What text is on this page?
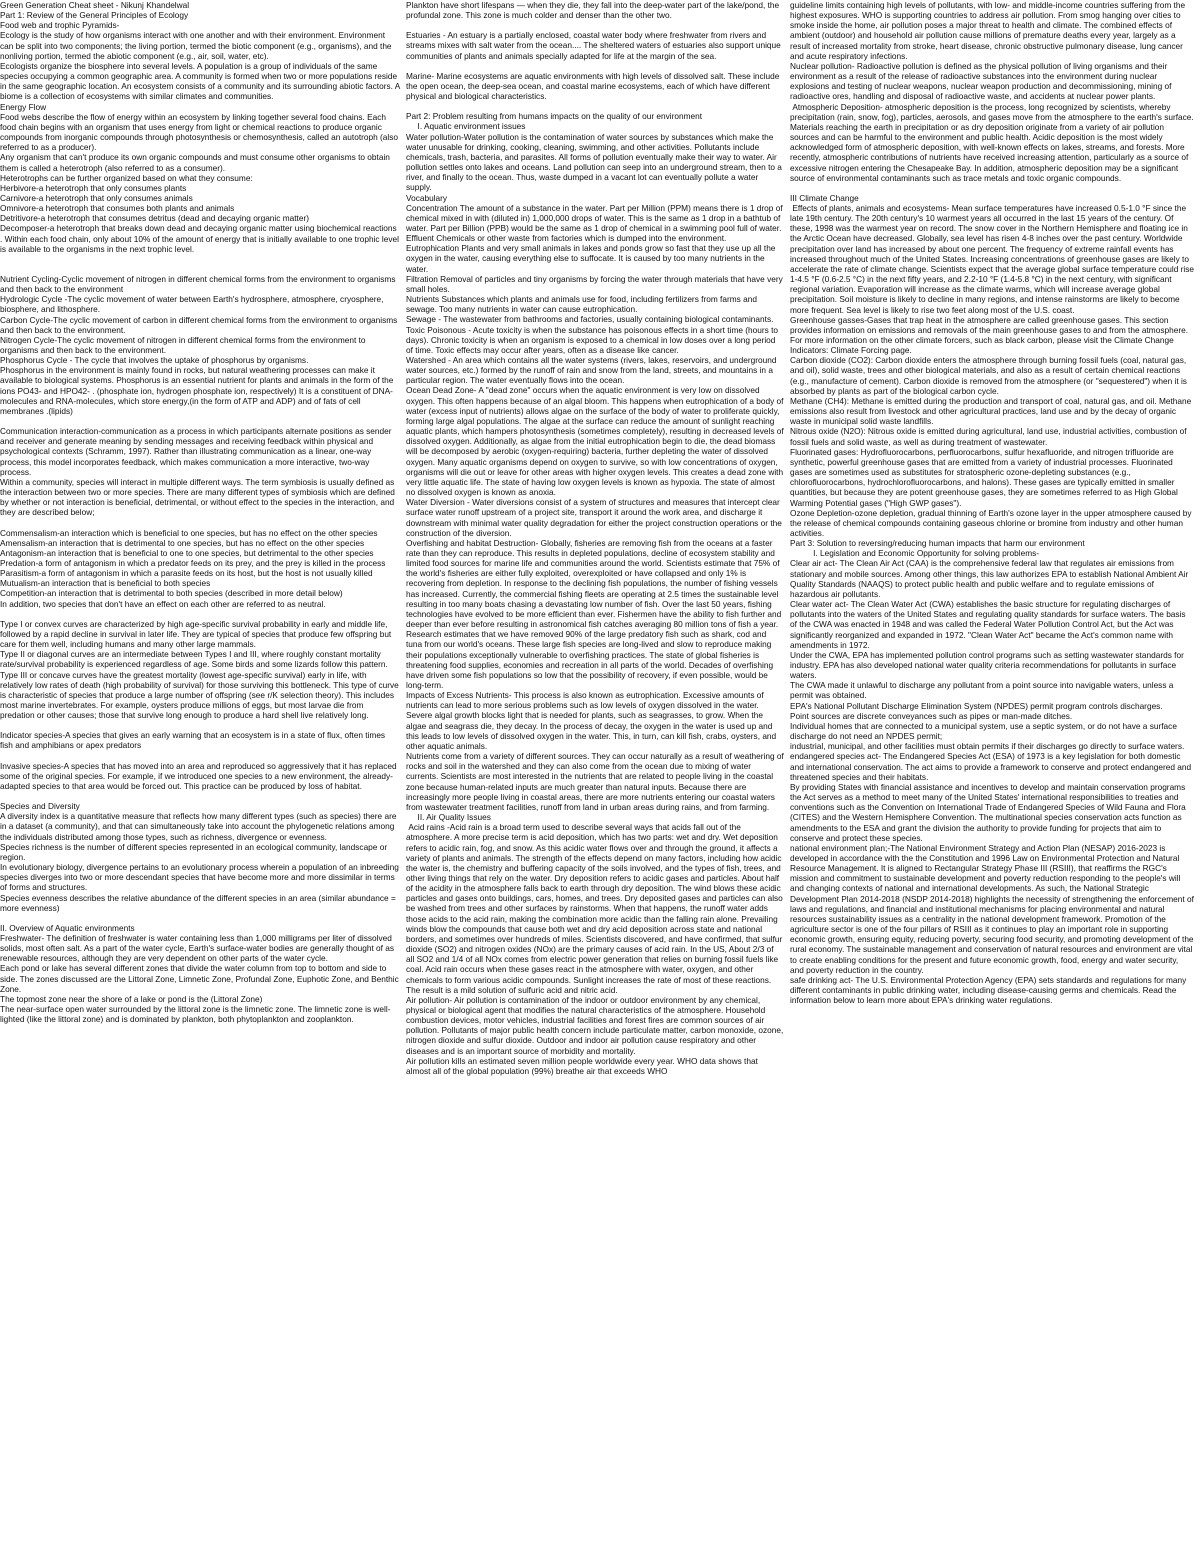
Green Generation Cheat sheet - Nikunj Khandelwal
Part 1: Review of the General Principles of Ecology
Food web and trophic Pyramids-
Ecology is the study of how organisms interact with one another and with their environment. Environment can be split into two components; the living portion, termed the biotic component (e.g., organisms), and the nonliving portion, termed the abiotic component (e.g., air, soil, water, etc).
Ecologists organize the biosphere into several levels. A population is a group of individuals of the same species occupying a common geographic area. A community is formed when two or more populations reside in the same geographic location. An ecosystem consists of a community and its surrounding abiotic factors. A biome is a collection of ecosystems with similar climates and communities.
Energy Flow
Food webs describe the flow of energy within an ecosystem by linking together several food chains. Each food chain begins with an organism that uses energy from light or chemical reactions to produce organic compounds from inorganic compounds through photosynthesis or chemosynthesis, called an autotroph (also referred to as a producer).
Any organism that can't produce its own organic compounds and must consume other organisms to obtain them is called a heterotroph (also referred to as a consumer).
Heterotrophs can be further organized based on what they consume:
Herbivore-a heterotroph that only consumes plants
Carnivore-a heterotroph that only consumes animals
Omnivore-a heterotroph that consumes both plants and animals
Detritivore-a heterotroph that consumes detritus (dead and decaying organic matter)
Decomposer-a heterotroph that breaks down dead and decaying organic matter using biochemical reactions
. Within each food chain, only about 10% of the amount of energy that is initially available to one trophic level is available to the organisms in the next trophic level.
Nutrient Cycling-Cyclic movement of nitrogen in different chemical forms from the environment to organisms and then back to the environment
Hydrologic Cycle -The cyclic movement of water between Earth's hydrosphere, atmosphere, cryosphere, biosphere, and lithosphere.
Carbon Cycle-The cyclic movement of carbon in different chemical forms from the environment to organisms and then back to the environment.
Nitrogen Cycle-The cyclic movement of nitrogen in different chemical forms from the environment to organisms and then back to the environment.
Phosphorus Cycle - The cycle that involves the uptake of phosphorus by organisms.
Phosphorus in the environment is mainly found in rocks, but natural weathering processes can make it available to biological systems. Phosphorus is an essential nutrient for plants and animals in the form of the ions PO43- and HPO42- . (phosphate ion, hydrogen phosphate ion, respectively) It is a constituent of DNA-molecules and RNA-molecules, which store energy,(in the form of ATP and ADP) and of fats of cell membranes .(lipids)
Communication interaction-communication as a process in which participants alternate positions as sender and receiver and generate meaning by sending messages and receiving feedback within physical and psychological contexts (Schramm, 1997). Rather than illustrating communication as a linear, one-way process, this model incorporates feedback, which makes communication a more interactive, two-way process.
Within a community, species will interact in multiple different ways. The term symbiosis is usually defined as the interaction between two or more species. There are many different types of symbiosis which are defined by whether or not interaction is beneficial, detrimental, or without effect to the species in the interaction, and they are described below;
Commensalism-an interaction which is beneficial to one species, but has no effect on the other species
Amensalism-an interaction that is detrimental to one species, but has no effect on the other species
Antagonism-an interaction that is beneficial to one to one species, but detrimental to the other species
Predation-a form of antagonism in which a predator feeds on its prey, and the prey is killed in the process
Parasitism-a form of antagonism in which a parasite feeds on its host, but the host is not usually killed
Mutualism-an interaction that is beneficial to both species
Competition-an interaction that is detrimental to both species (described in more detail below)
In addition, two species that don't have an effect on each other are referred to as neutral.
Type I or convex curves are characterized by high age-specific survival probability in early and middle life, followed by a rapid decline in survival in later life. They are typical of species that produce few offspring but care for them well, including humans and many other large mammals.
Type II or diagonal curves are an intermediate between Types I and III, where roughly constant mortality rate/survival probability is experienced regardless of age. Some birds and some lizards follow this pattern.
Type III or concave curves have the greatest mortality (lowest age-specific survival) early in life, with relatively low rates of death (high probability of survival) for those surviving this bottleneck. This type of curve is characteristic of species that produce a large number of offspring (see r/K selection theory). This includes most marine invertebrates. For example, oysters produce millions of eggs, but most larvae die from predation or other causes; those that survive long enough to produce a hard shell live relatively long.
Indicator species-A species that gives an early warning that an ecosystem is in a state of flux, often times fish and amphibians or apex predators
Invasive species-A species that has moved into an area and reproduced so aggressively that it has replaced some of the original species. For example, if we introduced one species to a new environment, the already-adapted species to that area would be forced out. This practice can be produced by loss of habitat.
Species and Diversity
A diversity index is a quantitative measure that reflects how many different types (such as species) there are in a dataset (a community), and that can simultaneously take into account the phylogenetic relations among the individuals distributed among those types, such as richness, divergence or evenness.
Species richness is the number of different species represented in an ecological community, landscape or region.
In evolutionary biology, divergence pertains to an evolutionary process wherein a population of an inbreeding species diverges into two or more descendant species that have become more and more dissimilar in terms of forms and structures.
Species evenness describes the relative abundance of the different species in an area (similar abundance = more evenness)
II. Overview of Aquatic environments
Freshwater- The definition of freshwater is water containing less than 1,000 milligrams per liter of dissolved solids, most often salt. As a part of the water cycle, Earth's surface-water bodies are generally thought of as renewable resources, although they are very dependent on other parts of the water cycle.
Each pond or lake has several different zones that divide the water column from top to bottom and side to side. The zones discussed are the Littoral Zone, Limnetic Zone, Profundal Zone, Euphotic Zone, and Benthic Zone.
The topmost zone near the shore of a lake or pond is the (Littoral Zone)
The near-surface open water surrounded by the littoral zone is the limnetic zone. The limnetic zone is well-lighted (like the littoral zone) and is dominated by plankton, both phytoplankton and zooplankton.
Plankton have short lifespans — when they die, they fall into the deep-water part of the lake/pond, the profundal zone. This zone is much colder and denser than the other two.
Estuaries - An estuary is a partially enclosed, coastal water body where freshwater from rivers and streams mixes with salt water from the ocean.... The sheltered waters of estuaries also support unique communities of plants and animals specially adapted for life at the margin of the sea.
Marine- Marine ecosystems are aquatic environments with high levels of dissolved salt. These include the open ocean, the deep-sea ocean, and coastal marine ecosystems, each of which have different physical and biological characteristics.
Part 2: Problem resulting from humans impacts on the quality of our environment
I. Aquatic environment issues
Water pollution-Water pollution is the contamination of water sources by substances which make the water unusable for drinking, cooking, cleaning, swimming, and other activities. Pollutants include chemicals, trash, bacteria, and parasites. All forms of pollution eventually make their way to water. Air pollution settles onto lakes and oceans. Land pollution can seep into an underground stream, then to a river, and finally to the ocean. Thus, waste dumped in a vacant lot can eventually pollute a water supply.
Vocabulary
Concentration The amount of a substance in the water. Part per Million (PPM) means there is 1 drop of chemical mixed in with (diluted in) 1,000,000 drops of water. This is the same as 1 drop in a bathtub of water. Part per Billion (PPB) would be the same as 1 drop of chemical in a swimming pool full of water. Effluent Chemicals or other waste from factories which is dumped into the environment.
Eutrophication Plants and very small animals in lakes and ponds grow so fast that they use up all the oxygen in the water, causing everything else to suffocate. It is caused by too many nutrients in the water.
Filtration Removal of particles and tiny organisms by forcing the water through materials that have very small holes.
Nutrients Substances which plants and animals use for food, including fertilizers from farms and sewage. Too many nutrients in water can cause eutrophication.
Sewage - The wastewater from bathrooms and factories, usually containing biological contaminants.
Toxic Poisonous - Acute toxicity is when the substance has poisonous effects in a short time (hours to days). Chronic toxicity is when an organism is exposed to a chemical in low doses over a long period of time. Toxic effects may occur after years, often as a disease like cancer.
Watershed - An area which contains all the water systems (rivers, lakes, reservoirs, and underground water sources, etc.) formed by the runoff of rain and snow from the land, streets, and mountains in a particular region. The water eventually flows into the ocean.
Ocean Dead Zone- A "dead zone" occurs when the aquatic environment is very low on dissolved oxygen. This often happens because of an algal bloom. This happens when eutrophication of a body of water (excess input of nutrients) allows algae on the surface of the body of water to proliferate quickly, forming large algal populations. The algae at the surface can reduce the amount of sunlight reaching aquatic plants, which hampers photosynthesis (sometimes completely), resulting in decreased levels of dissolved oxygen. Additionally, as algae from the initial eutrophication begin to die, the dead biomass will be decomposed by aerobic (oxygen-requiring) bacteria, further depleting the water of dissolved oxygen. Many aquatic organisms depend on oxygen to survive, so with low concentrations of oxygen, organisms will die out or leave for other areas with higher oxygen levels. This creates a dead zone with very little aquatic life. The state of having low oxygen levels is known as hypoxia. The state of almost no dissolved oxygen is known as anoxia.
Water Diversion - Water diversions consist of a system of structures and measures that intercept clear surface water runoff upstream of a project site, transport it around the work area, and discharge it downstream with minimal water quality degradation for either the project construction operations or the construction of the diversion.
Overfishing and habitat Destruction- Globally, fisheries are removing fish from the oceans at a faster rate than they can reproduce. This results in depleted populations, decline of ecosystem stability and limited food sources for marine life and communities around the world. Scientists estimate that 75% of the world's fisheries are either fully exploited, overexploited or have collapsed and only 1% is recovering from depletion. In response to the declining fish populations, the number of fishing vessels has increased. Currently, the commercial fishing fleets are operating at 2.5 times the sustainable level resulting in too many boats chasing a devastating low number of fish. Over the last 50 years, fishing technologies have evolved to be more efficient than ever. Fishermen have the ability to fish further and deeper than ever before resulting in astronomical fish catches averaging 80 million tons of fish a year. Research estimates that we have removed 90% of the large predatory fish such as shark, cod and tuna from our world's oceans. These large fish species are long-lived and slow to reproduce making their populations exceptionally vulnerable to overfishing practices. The state of global fisheries is threatening food supplies, economies and recreation in all parts of the world. Decades of overfishing have driven some fish populations so low that the possibility of recovery, if even possible, would be long-term.
Impacts of Excess Nutrients- This process is also known as eutrophication. Excessive amounts of nutrients can lead to more serious problems such as low levels of oxygen dissolved in the water. Severe algal growth blocks light that is needed for plants, such as seagrasses, to grow. When the algae and seagrass die, they decay. In the process of decay, the oxygen in the water is used up and this leads to low levels of dissolved oxygen in the water. This, in turn, can kill fish, crabs, oysters, and other aquatic animals.
Nutrients come from a variety of different sources. They can occur naturally as a result of weathering of rocks and soil in the watershed and they can also come from the ocean due to mixing of water currents. Scientists are most interested in the nutrients that are related to people living in the coastal zone because human-related inputs are much greater than natural inputs. Because there are increasingly more people living in coastal areas, there are more nutrients entering our coastal waters from wastewater treatment facilities, runoff from land in urban areas during rains, and from farming.
II. Air Quality Issues
Acid rains -Acid rain is a broad term used to describe several ways that acids fall out of the atmosphere. A more precise term is acid deposition, which has two parts: wet and dry. Wet deposition refers to acidic rain, fog, and snow. As this acidic water flows over and through the ground, it affects a variety of plants and animals. The strength of the effects depend on many factors, including how acidic the water is, the chemistry and buffering capacity of the soils involved, and the types of fish, trees, and other living things that rely on the water. Dry deposition refers to acidic gases and particles. About half of the acidity in the atmosphere falls back to earth through dry deposition. The wind blows these acidic particles and gases onto buildings, cars, homes, and trees. Dry deposited gases and particles can also be washed from trees and other surfaces by rainstorms. When that happens, the runoff water adds those acids to the acid rain, making the combination more acidic than the falling rain alone. Prevailing winds blow the compounds that cause both wet and dry acid deposition across state and national borders, and sometimes over hundreds of miles. Scientists discovered, and have confirmed, that sulfur dioxide (SO2) and nitrogen oxides (NOx) are the primary causes of acid rain. In the US, About 2/3 of all SO2 and 1/4 of all NOx comes from electric power generation that relies on burning fossil fuels like coal. Acid rain occurs when these gases react in the atmosphere with water, oxygen, and other chemicals to form various acidic compounds. Sunlight increases the rate of most of these reactions. The result is a mild solution of sulfuric acid and nitric acid.
Air pollution- Air pollution is contamination of the indoor or outdoor environment by any chemical, physical or biological agent that modifies the natural characteristics of the atmosphere. Household combustion devices, motor vehicles, industrial facilities and forest fires are common sources of air pollution. Pollutants of major public health concern include particulate matter, carbon monoxide, ozone, nitrogen dioxide and sulfur dioxide. Outdoor and indoor air pollution cause respiratory and other diseases and is an important source of morbidity and mortality.
Air pollution kills an estimated seven million people worldwide every year. WHO data shows that almost all of the global population (99%) breathe air that exceeds WHO
guideline limits containing high levels of pollutants, with low- and middle-income countries suffering from the highest exposures. WHO is supporting countries to address air pollution. From smog hanging over cities to smoke inside the home, air pollution poses a major threat to health and climate. The combined effects of ambient (outdoor) and household air pollution cause millions of premature deaths every year, largely as a result of increased mortality from stroke, heart disease, chronic obstructive pulmonary disease, lung cancer and acute respiratory infections.
Nuclear pollution- Radioactive pollution is defined as the physical pollution of living organisms and their environment as a result of the release of radioactive substances into the environment during nuclear explosions and testing of nuclear weapons, nuclear weapon production and decommissioning, mining of radioactive ores, handling and disposal of radioactive waste, and accidents at nuclear power plants.
Atmospheric Deposition- atmospheric deposition is the process, long recognized by scientists, whereby precipitation (rain, snow, fog), particles, aerosols, and gases move from the atmosphere to the earth's surface. Materials reaching the earth in precipitation or as dry deposition originate from a variety of air pollution sources and can be harmful to the environment and public health. Acidic deposition is the most widely acknowledged form of atmospheric deposition, with well-known effects on lakes, streams, and forests. More recently, atmospheric contributions of nutrients have received increasing attention, particularly as a source of excessive nitrogen entering the Chesapeake Bay. In addition, atmospheric deposition may be a significant source of environmental contaminants such as trace metals and toxic organic compounds.
III Climate Change
Effects of plants, animals and ecosystems- Mean surface temperatures have increased 0.5-1.0 °F since the late 19th century. The 20th century's 10 warmest years all occurred in the last 15 years of the century. Of these, 1998 was the warmest year on record. The snow cover in the Northern Hemisphere and floating ice in the Arctic Ocean have decreased. Globally, sea level has risen 4-8 inches over the past century. Worldwide precipitation over land has increased by about one percent. The frequency of extreme rainfall events has increased throughout much of the United States. Increasing concentrations of greenhouse gases are likely to accelerate the rate of climate change. Scientists expect that the average global surface temperature could rise 1-4.5 °F (0.6-2.5 °C) in the next fifty years, and 2.2-10 °F (1.4-5.8 °C) in the next century, with significant regional variation. Evaporation will increase as the climate warms, which will increase average global precipitation. Soil moisture is likely to decline in many regions, and intense rainstorms are likely to become more frequent. Sea level is likely to rise two feet along most of the U.S. coast.
Greenhouse gasses-Gases that trap heat in the atmosphere are called greenhouse gases. This section provides information on emissions and removals of the main greenhouse gases to and from the atmosphere. For more information on the other climate forcers, such as black carbon, please visit the Climate Change Indicators: Climate Forcing page.
Carbon dioxide (CO2): Carbon dioxide enters the atmosphere through burning fossil fuels (coal, natural gas, and oil), solid waste, trees and other biological materials, and also as a result of certain chemical reactions (e.g., manufacture of cement). Carbon dioxide is removed from the atmosphere (or "sequestered") when it is absorbed by plants as part of the biological carbon cycle.
Methane (CH4): Methane is emitted during the production and transport of coal, natural gas, and oil. Methane emissions also result from livestock and other agricultural practices, land use and by the decay of organic waste in municipal solid waste landfills.
Nitrous oxide (N2O): Nitrous oxide is emitted during agricultural, land use, industrial activities, combustion of fossil fuels and solid waste, as well as during treatment of wastewater.
Fluorinated gases: Hydrofluorocarbons, perfluorocarbons, sulfur hexafluoride, and nitrogen trifluoride are synthetic, powerful greenhouse gases that are emitted from a variety of industrial processes. Fluorinated gases are sometimes used as substitutes for stratospheric ozone-depleting substances (e.g., chlorofluorocarbons, hydrochlorofluorocarbons, and halons). These gases are typically emitted in smaller quantities, but because they are potent greenhouse gases, they are sometimes referred to as High Global Warming Potential gases ("High GWP gases").
Ozone Depletion-ozone depletion, gradual thinning of Earth's ozone layer in the upper atmosphere caused by the release of chemical compounds containing gaseous chlorine or bromine from industry and other human activities.
Part 3: Solution to reversing/reducing human impacts that harm our environment
I. Legislation and Economic Opportunity for solving problems-
Clear air act- The Clean Air Act (CAA) is the comprehensive federal law that regulates air emissions from stationary and mobile sources. Among other things, this law authorizes EPA to establish National Ambient Air Quality Standards (NAAQS) to protect public health and public welfare and to regulate emissions of hazardous air pollutants.
Clear water act- The Clean Water Act (CWA) establishes the basic structure for regulating discharges of pollutants into the waters of the United States and regulating quality standards for surface waters. The basis of the CWA was enacted in 1948 and was called the Federal Water Pollution Control Act, but the Act was significantly reorganized and expanded in 1972. "Clean Water Act" became the Act's common name with amendments in 1972.
Under the CWA, EPA has implemented pollution control programs such as setting wastewater standards for industry. EPA has also developed national water quality criteria recommendations for pollutants in surface waters.
The CWA made it unlawful to discharge any pollutant from a point source into navigable waters, unless a permit was obtained.
EPA's National Pollutant Discharge Elimination System (NPDES) permit program controls discharges.
Point sources are discrete conveyances such as pipes or man-made ditches.
Individual homes that are connected to a municipal system, use a septic system, or do not have a surface discharge do not need an NPDES permit;
industrial, municipal, and other facilities must obtain permits if their discharges go directly to surface waters.
endangered species act- The Endangered Species Act (ESA) of 1973 is a key legislation for both domestic and international conservation. The act aims to provide a framework to conserve and protect endangered and threatened species and their habitats.
By providing States with financial assistance and incentives to develop and maintain conservation programs the Act serves as a method to meet many of the United States' international responsibilities to treaties and conventions such as the Convention on International Trade of Endangered Species of Wild Fauna and Flora (CITES) and the Western Hemisphere Convention. The multinational species conservation acts function as amendments to the ESA and grant the division the authority to provide funding for projects that aim to conserve and protect these species.
national environment plan;-The National Environment Strategy and Action Plan (NESAP) 2016-2023 is developed in accordance with the the Constitution and 1996 Law on Environmental Protection and Natural Resource Management. It is aligned to Rectangular Strategy Phase III (RSIII), that reaffirms the RGC's mission and commitment to sustainable development and poverty reduction responding to the people's will and changing contexts of national and international developments. As such, the National Strategic Development Plan 2014-2018 (NSDP 2014-2018) highlights the necessity of strengthening the enforcement of laws and regulations, and financial and institutional mechanisms for placing environmental and natural resources sustainability issues as a centrality in the national development framework. Promotion of the agriculture sector is one of the four pillars of RSIII as it continues to play an important role in supporting economic growth, ensuring equity, reducing poverty, securing food security, and promoting development of the rural economy. The sustainable management and conservation of natural resources and environment are vital to create enabling conditions for the present and future economic growth, food, energy and water security, and poverty reduction in the country.
safe drinking act- The U.S. Environmental Protection Agency (EPA) sets standards and regulations for many different contaminants in public drinking water, including disease-causing germs and chemicals. Read the information below to learn more about EPA's drinking water regulations.
